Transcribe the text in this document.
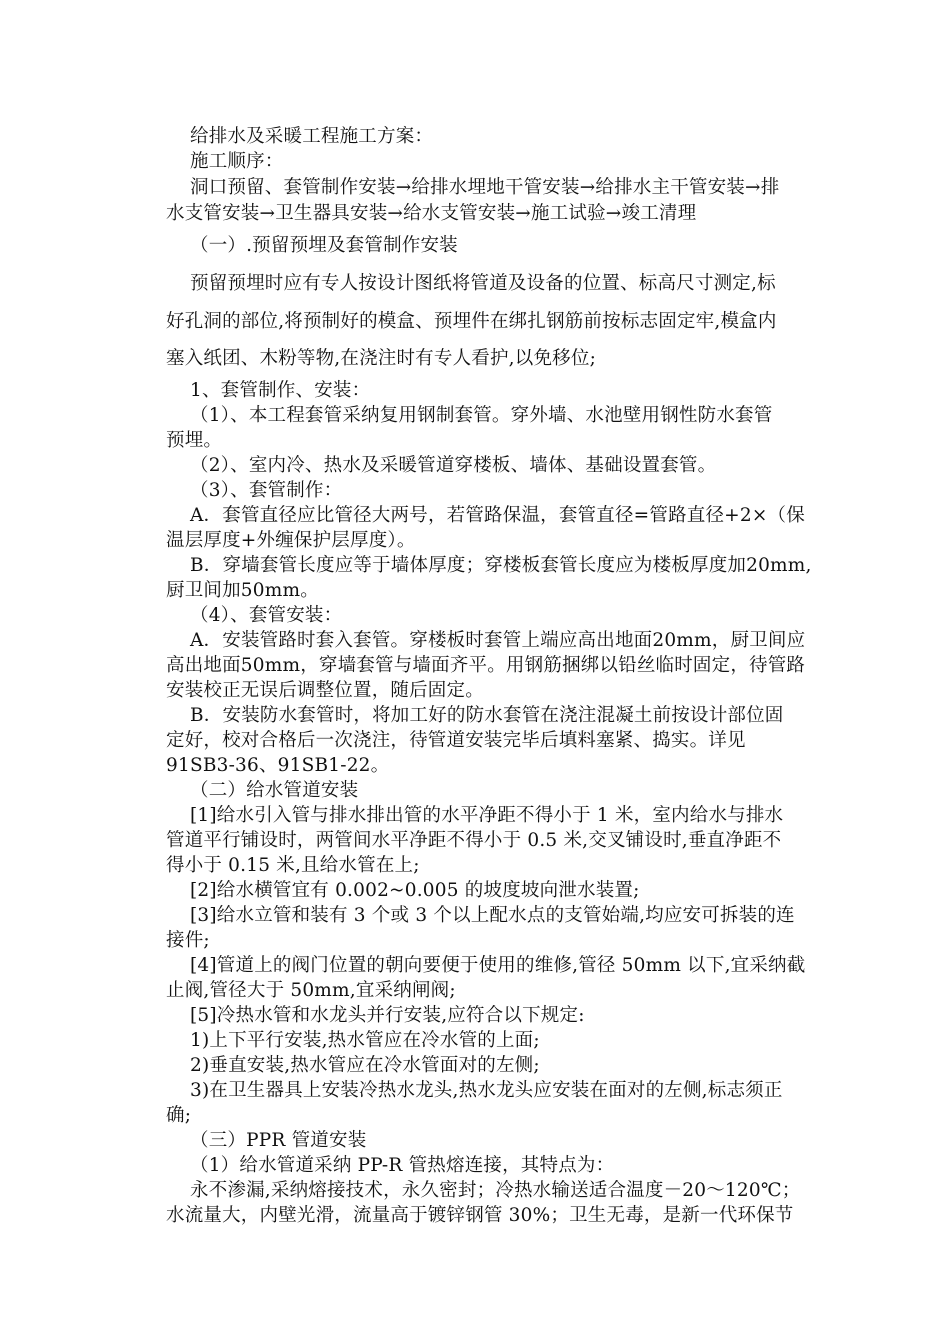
给排水及采暖工程施工方案：
施工顺序：
洞口预留、套管制作安装→给排水埋地干管安装→给排水主干管安装→排
水支管安装→卫生器具安装→给水支管安装→施工试验→竣工清理
（一）.预留预埋及套管制作安装
预留预埋时应有专人按设计图纸将管道及设备的位置、标高尺寸测定,标
好孔洞的部位,将预制好的模盒、预埋件在绑扎钢筋前按标志固定牢,模盒内
塞入纸团、木粉等物,在浇注时有专人看护,以免移位;
1、套管制作、安装：
（1）、本工程套管采纳复用钢制套管。穿外墙、水池壁用钢性防水套管
预埋。
（2）、室内冷、热水及采暖管道穿楼板、墙体、基础设置套管。
（3）、套管制作：
A．套管直径应比管径大两号，若管路保温，套管直径=管路直径+2×（保
温层厚度+外缠保护层厚度）。
B．穿墙套管长度应等于墙体厚度；穿楼板套管长度应为楼板厚度加20mm,
厨卫间加50mm。
（4）、套管安装：
A．安装管路时套入套管。穿楼板时套管上端应高出地面20mm，厨卫间应
高出地面50mm，穿墙套管与墙面齐平。用钢筋捆绑以铅丝临时固定，待管路
安装校正无误后调整位置，随后固定。
B．安装防水套管时，将加工好的防水套管在浇注混凝土前按设计部位固
定好，校对合格后一次浇注，待管道安装完毕后填料塞紧、捣实。详见
91SB3-36、91SB1-22。
（二）给水管道安装
[1]给水引入管与排水排出管的水平净距不得小于 1 米，室内给水与排水
管道平行铺设时，两管间水平净距不得小于 0.5 米,交叉铺设时,垂直净距不
得小于 0.15 米,且给水管在上;
[2]给水横管宜有 0.002~0.005 的坡度坡向泄水装置;
[3]给水立管和装有 3 个或 3 个以上配水点的支管始端,均应安可拆装的连
接件;
[4]管道上的阀门位置的朝向要便于使用的维修,管径 50mm 以下,宜采纳截
止阀,管径大于 50mm,宜采纳闸阀;
[5]冷热水管和水龙头并行安装,应符合以下规定:
1)上下平行安装,热水管应在冷水管的上面;
2)垂直安装,热水管应在冷水管面对的左侧;
3)在卫生器具上安装冷热水龙头,热水龙头应安装在面对的左侧,标志须正
确;
（三）PPR 管道安装
（1）给水管道采纳 PP-R 管热熔连接，其特点为：
永不渗漏,采纳熔接技术，永久密封；冷热水输送适合温度－20～120℃；
水流量大，内壁光滑，流量高于镀锌钢管 30%；卫生无毒，是新一代环保节
